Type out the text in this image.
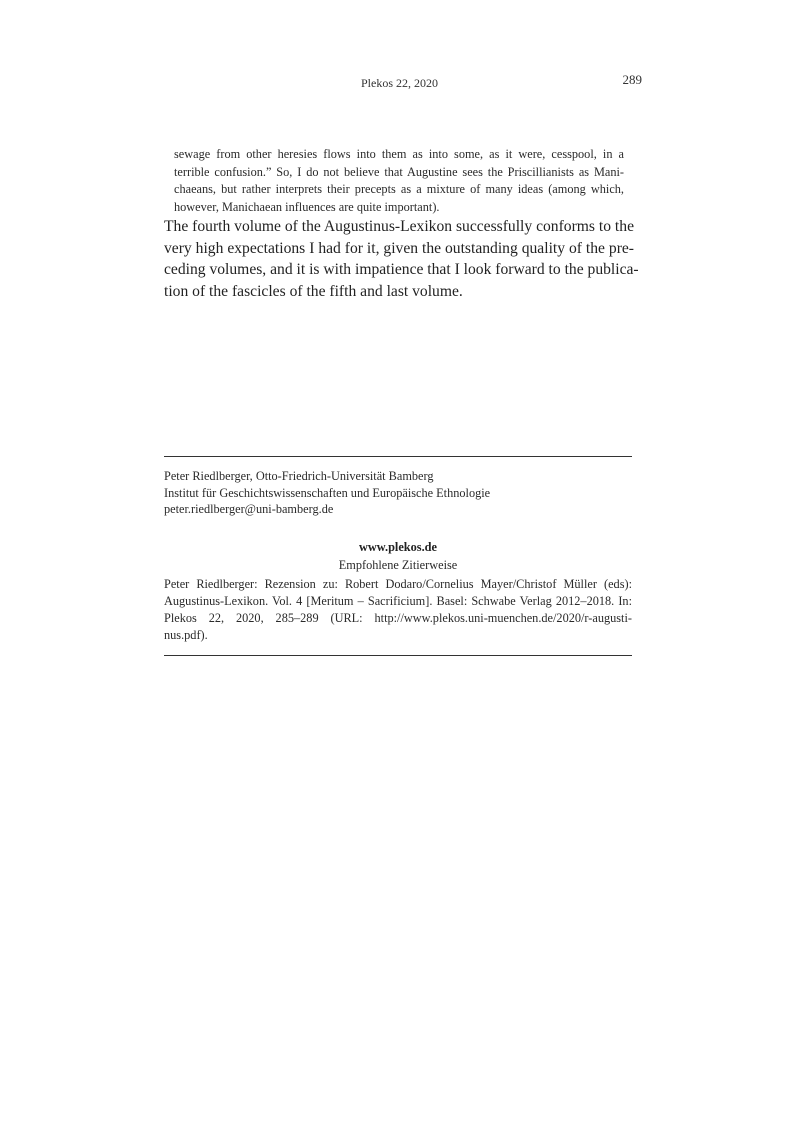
Plekos 22, 2020	289
sewage from other heresies flows into them as into some, as it were, cesspool, in a
terrible confusion.” So, I do not believe that Augustine sees the Priscillianists as Mani-
chaeans, but rather interprets their precepts as a mixture of many ideas (among which,
however, Manichaean influences are quite important).
The fourth volume of the Augustinus-Lexikon successfully conforms to the
very high expectations I had for it, given the outstanding quality of the pre-
ceding volumes, and it is with impatience that I look forward to the publica-
tion of the fascicles of the fifth and last volume.
Peter Riedlberger, Otto-Friedrich-Universität Bamberg
Institut für Geschichtswissenschaften und Europäische Ethnologie
peter.riedlberger@uni-bamberg.de
www.plekos.de
Empfohlene Zitierweise
Peter Riedlberger: Rezension zu: Robert Dodaro/Cornelius Mayer/Christof Müller (eds):
Augustinus-Lexikon. Vol. 4 [Meritum – Sacrificium]. Basel: Schwabe Verlag 2012–2018. In:
Plekos 22, 2020, 285–289 (URL: http://www.plekos.uni-muenchen.de/2020/r-augusti-
nus.pdf).
